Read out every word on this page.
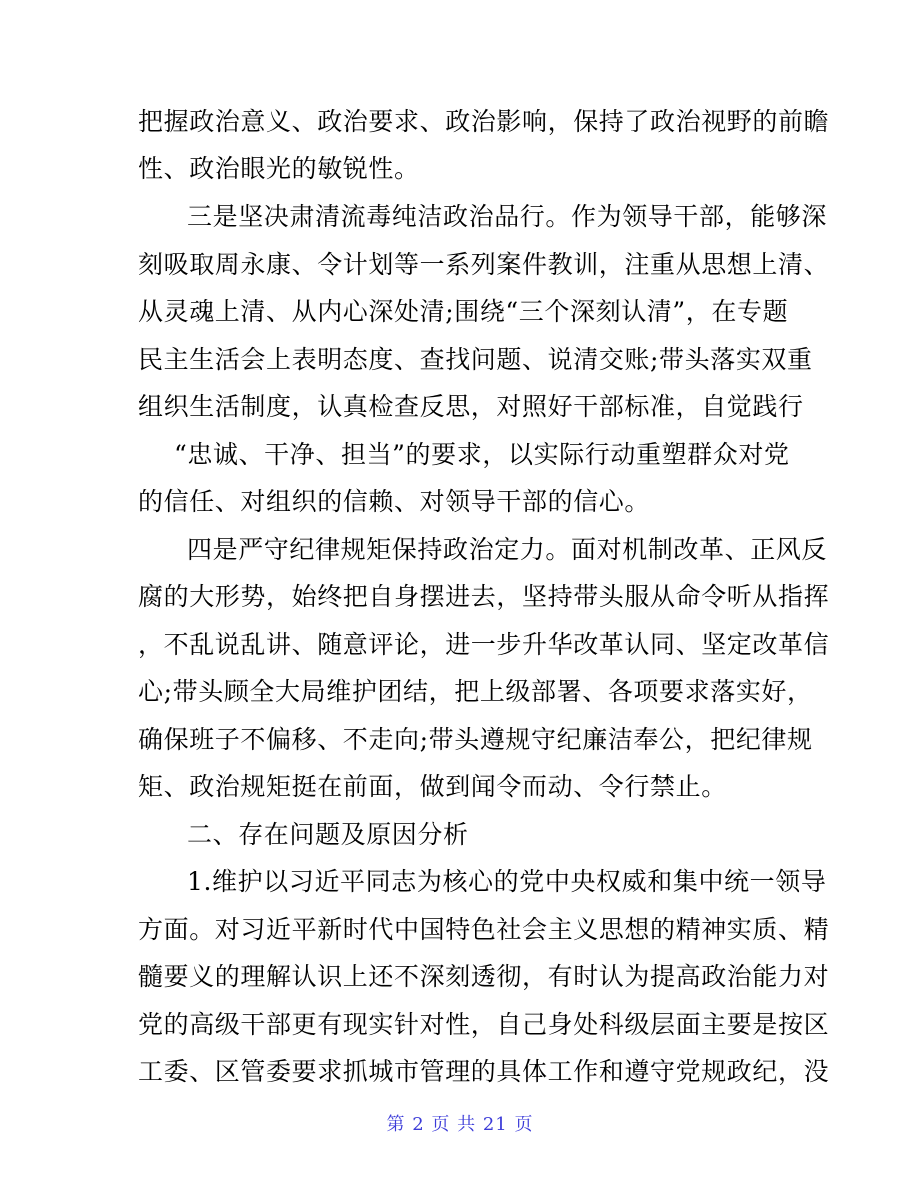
把握政治意义、政治要求、政治影响，保持了政治视野的前瞻
性、政治眼光的敏锐性。
三是坚决肃清流毒纯洁政治品行。作为领导干部，能够深
刻吸取周永康、令计划等一系列案件教训，注重从思想上清、
从灵魂上清、从内心深处清;围绕“三个深刻认清”，在专题
民主生活会上表明态度、查找问题、说清交账;带头落实双重
组织生活制度，认真检查反思，对照好干部标准，自觉践行
“忠诚、干净、担当”的要求，以实际行动重塑群众对党
的信任、对组织的信赖、对领导干部的信心。
四是严守纪律规矩保持政治定力。面对机制改革、正风反
腐的大形势，始终把自身摆进去，坚持带头服从命令听从指挥
，不乱说乱讲、随意评论，进一步升华改革认同、坚定改革信
心;带头顾全大局维护团结，把上级部署、各项要求落实好，
确保班子不偏移、不走向;带头遵规守纪廉洁奉公，把纪律规
矩、政治规矩挺在前面，做到闻令而动、令行禁止。
二、存在问题及原因分析
1.维护以习近平同志为核心的党中央权威和集中统一领导
方面。对习近平新时代中国特色社会主义思想的精神实质、精
髓要义的理解认识上还不深刻透彻，有时认为提高政治能力对
党的高级干部更有现实针对性，自己身处科级层面主要是按区
工委、区管委要求抓城市管理的具体工作和遵守党规政纪，没
第 2 页 共 21 页
